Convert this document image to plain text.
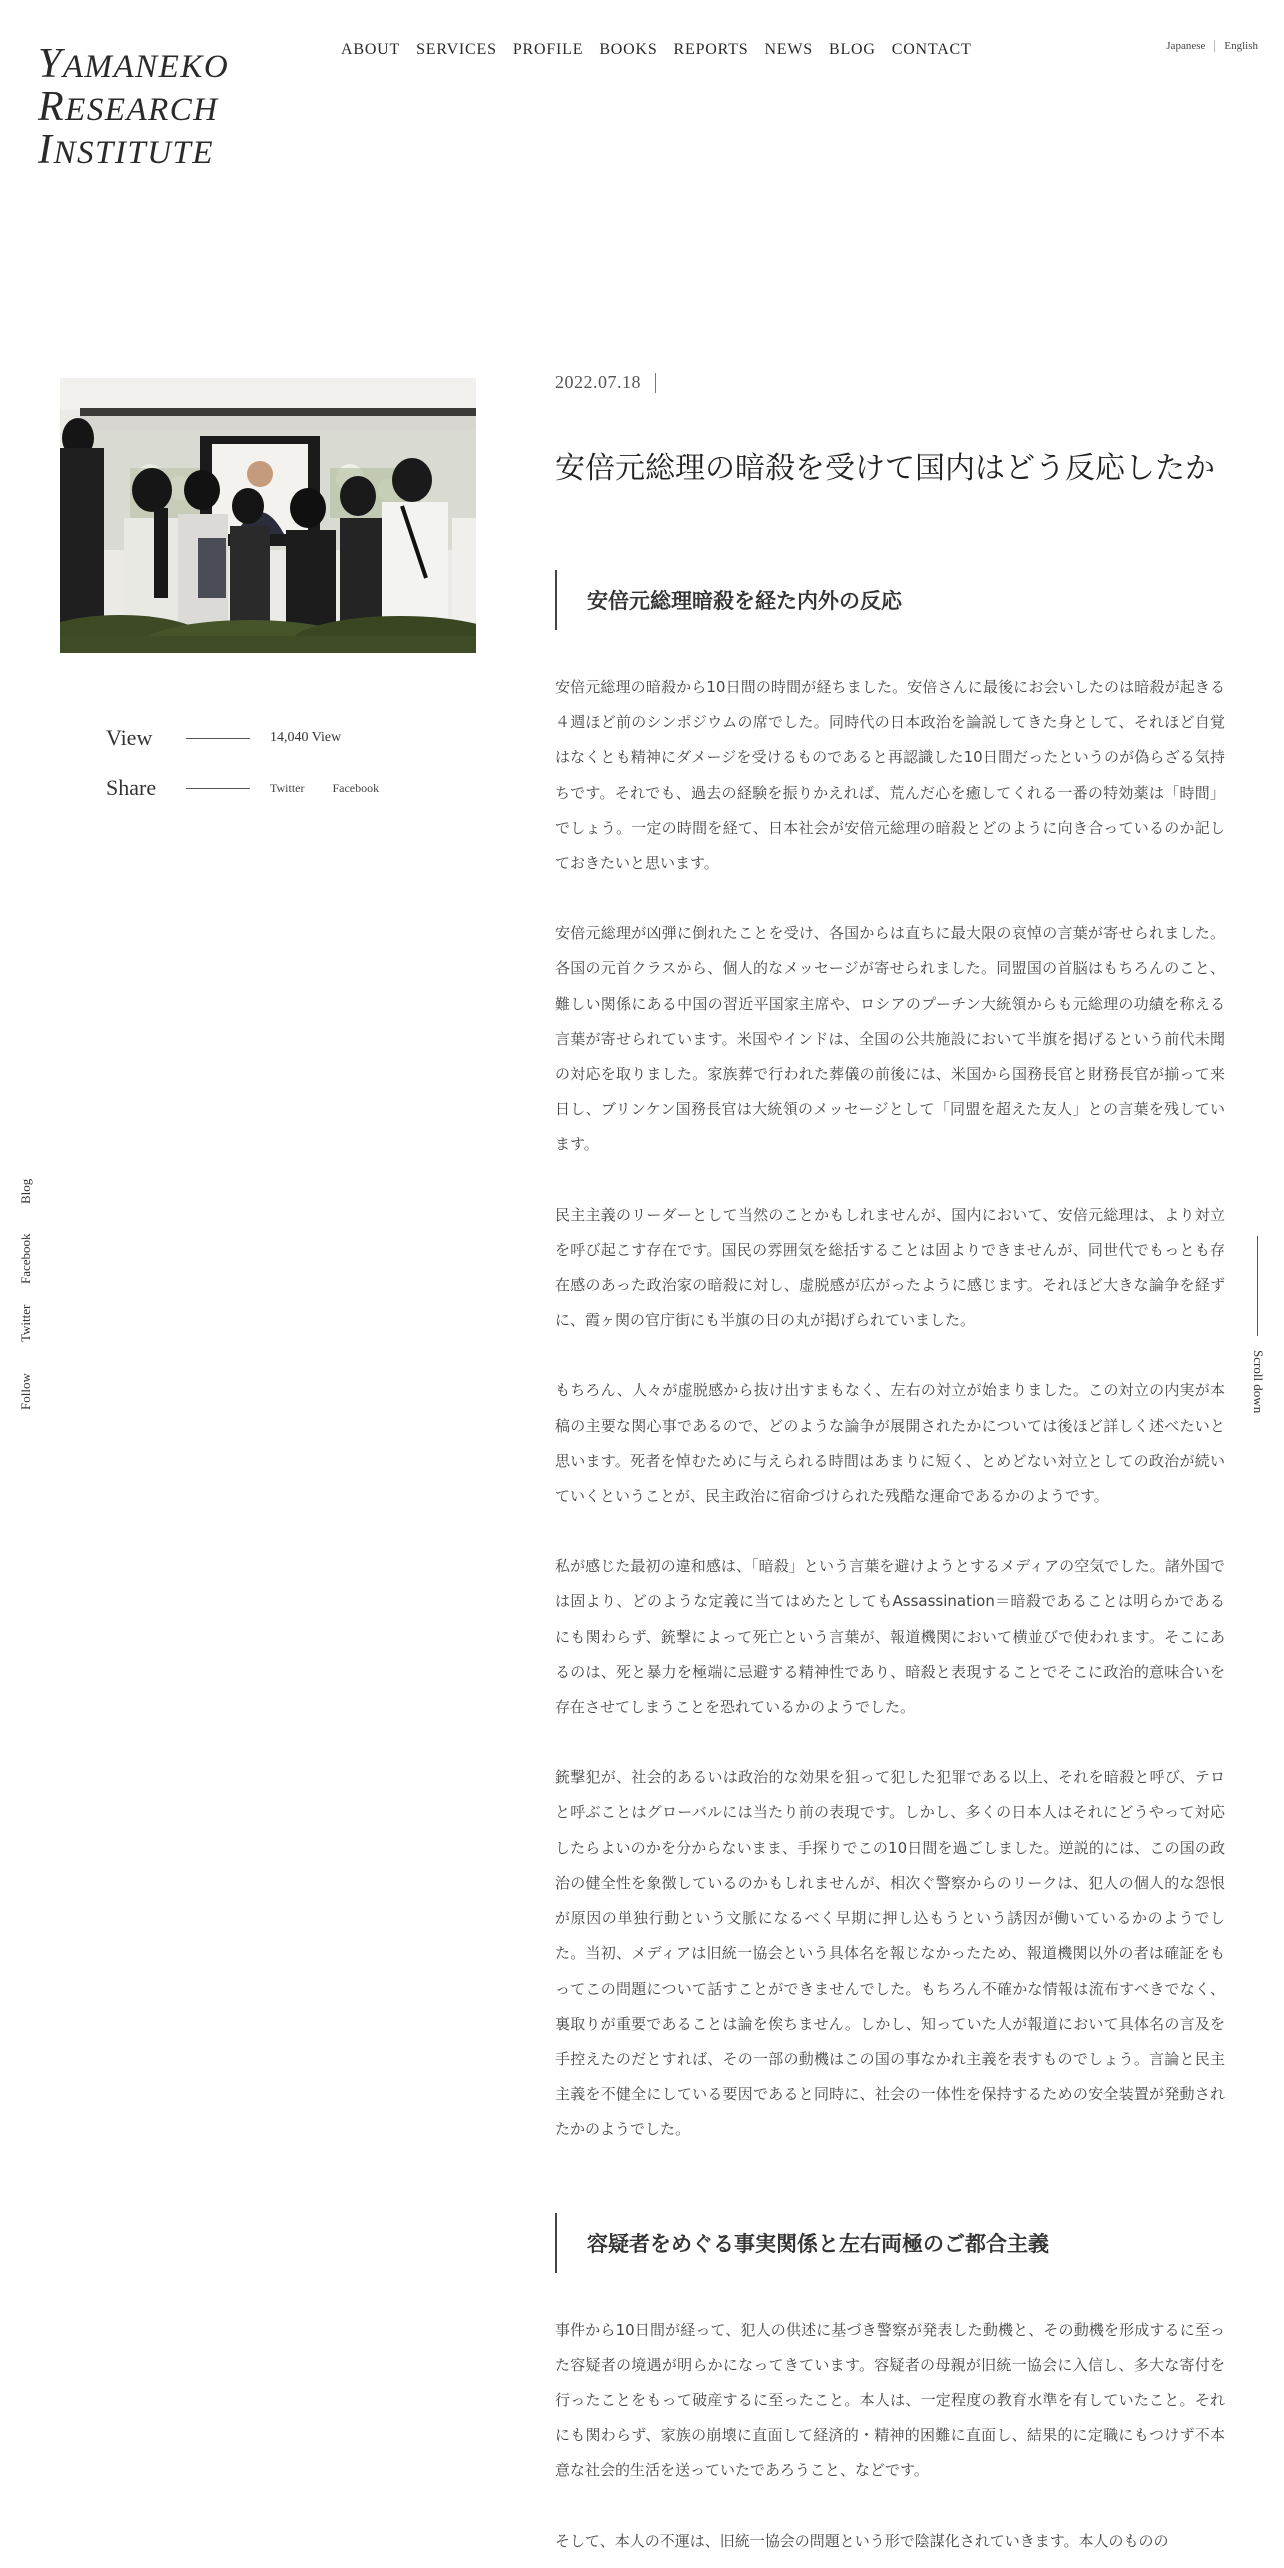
YAMANEKO
RESEARCH
INSTITUTE
ABOUT SERVICES PROFILE BOOKS REPORTS NEWS BLOG CONTACT	Japanese English
View	14,040 View
Share	Twitter Facebook
2022.07.18
安倍元総理の暗殺を受けて国内はどう反応したか
安倍元総理暗殺を経た内外の反応

安倍元総理の暗殺から10日間の時間が経ちました。安倍さんに最後にお会いしたのは暗殺が起きる４週ほど前のシンポジウムの席でした。同時代の日本政治を論説してきた身として、それほど自覚はなくとも精神にダメージを受けるものであると再認識した10日間だったというのが偽らざる気持ちです。それでも、過去の経験を振りかえれば、荒んだ心を癒してくれる一番の特効薬は「時間」でしょう。一定の時間を経て、日本社会が安倍元総理の暗殺とどのように向き合っているのか記しておきたいと思います。

安倍元総理が凶弾に倒れたことを受け、各国からは直ちに最大限の哀悼の言葉が寄せられました。各国の元首クラスから、個人的なメッセージが寄せられました。同盟国の首脳はもちろんのこと、難しい関係にある中国の習近平国家主席や、ロシアのプーチン大統領からも元総理の功績を称える言葉が寄せられています。米国やインドは、全国の公共施設において半旗を掲げるという前代未聞の対応を取りました。家族葬で行われた葬儀の前後には、米国から国務長官と財務長官が揃って来日し、ブリンケン国務長官は大統領のメッセージとして「同盟を超えた友人」との言葉を残しています。

民主主義のリーダーとして当然のことかもしれませんが、国内において、安倍元総理は、より対立を呼び起こす存在です。国民の雰囲気を総括することは固よりできませんが、同世代でもっとも存在感のあった政治家の暗殺に対し、虚脱感が広がったように感じます。それほど大きな論争を経ずに、霞ヶ関の官庁街にも半旗の日の丸が掲げられていました。

もちろん、人々が虚脱感から抜け出すまもなく、左右の対立が始まりました。この対立の内実が本稿の主要な関心事であるので、どのような論争が展開されたかについては後ほど詳しく述べたいと思います。死者を悼むために与えられる時間はあまりに短く、とめどない対立としての政治が続いていくということが、民主政治に宿命づけられた残酷な運命であるかのようです。

私が感じた最初の違和感は、「暗殺」という言葉を避けようとするメディアの空気でした。諸外国では固より、どのような定義に当てはめたとしてもAssassination＝暗殺であることは明らかであるにも関わらず、銃撃によって死亡という言葉が、報道機関において横並びで使われます。そこにあるのは、死と暴力を極端に忌避する精神性であり、暗殺と表現することでそこに政治的意味合いを存在させてしまうことを恐れているかのようでした。

銃撃犯が、社会的あるいは政治的な効果を狙って犯した犯罪である以上、それを暗殺と呼び、テロと呼ぶことはグローバルには当たり前の表現です。しかし、多くの日本人はそれにどうやって対応したらよいのかを分からないまま、手探りでこの10日間を過ごしました。逆説的には、この国の政治の健全性を象徴しているのかもしれませんが、相次ぐ警察からのリークは、犯人の個人的な怨恨が原因の単独行動という文脈になるべく早期に押し込もうという誘因が働いているかのようでした。当初、メディアは旧統一協会という具体名を報じなかったため、報道機関以外の者は確証をもってこの問題について話すことができませんでした。もちろん不確かな情報は流布すべきでなく、裏取りが重要であることは論を俟ちません。しかし、知っていた人が報道において具体名の言及を手控えたのだとすれば、その一部の動機はこの国の事なかれ主義を表すものでしょう。言論と民主主義を不健全にしている要因であると同時に、社会の一体性を保持するための安全装置が発動されたかのようでした。

容疑者をめぐる事実関係と左右両極のご都合主義

事件から10日間が経って、犯人の供述に基づき警察が発表した動機と、その動機を形成するに至った容疑者の境遇が明らかになってきています。容疑者の母親が旧統一協会に入信し、多大な寄付を行ったことをもって破産するに至ったこと。本人は、一定程度の教育水準を有していたこと。それにも関わらず、家族の崩壊に直面して経済的・精神的困難に直面し、結果的に定職にもつけず不本意な社会的生活を送っていたであろうこと、などです。

そして、本人の不運は、旧統一協会の問題という形で陰謀化されていきます。本人のものの

Follow
Twitter
Facebook
Blog
Scroll down
